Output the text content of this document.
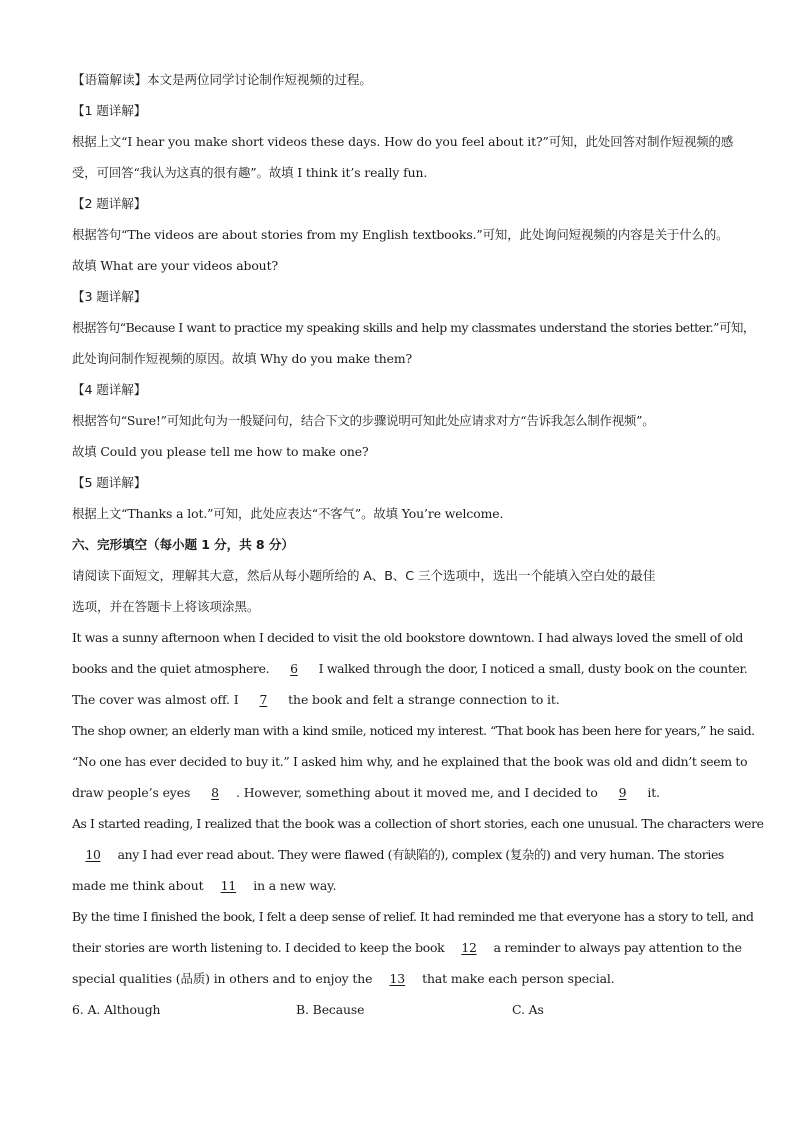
【语篇解读】本文是两位同学讨论制作短视频的过程。
【1 题详解】
根据上文“I hear you make short videos these days. How do you feel about it?”可知，此处回答对制作短视频的感
受，可回答“我认为这真的很有趣”。故填 I think it’s really fun.
【2 题详解】
根据答句“The videos are about stories from my English textbooks.”可知，此处询问短视频的内容是关于什么的。
故填 What are your videos about?
【3 题详解】
根据答句“Because I want to practice my speaking skills and help my classmates understand the stories better.”可知，
此处询问制作短视频的原因。故填 Why do you make them?
【4 题详解】
根据答句“Sure!”可知此句为一般疑问句，结合下文的步骤说明可知此处应请求对方“告诉我怎么制作视频”。
故填 Could you please tell me how to make one?
【5 题详解】
根据上文“Thanks a lot.”可知，此处应表达“不客气”。故填 You’re welcome.
六、完形填空（每小题 1 分，共 8 分）
请阅读下面短文，理解其大意，然后从每小题所给的 A、B、C 三个选项中，选出一个能填入空白处的最佳
选项，并在答题卡上将该项涂黑。
It was a sunny afternoon when I decided to visit the old bookstore downtown. I had always loved the smell of old
books and the quiet atmosphere. 6 I walked through the door, I noticed a small, dusty book on the counter.
The cover was almost off. I 7 the book and felt a strange connection to it.
The shop owner, an elderly man with a kind smile, noticed my interest. “That book has been here for years,” he said.
“No one has ever decided to buy it.” I asked him why, and he explained that the book was old and didn’t seem to
draw people’s eyes 8 . However, something about it moved me, and I decided to 9 it.
As I started reading, I realized that the book was a collection of short stories, each one unusual. The characters were
10 any I had ever read about. They were flawed (有缺陷的), complex (复杂的) and very human. The stories
made me think about 11 in a new way.
By the time I finished the book, I felt a deep sense of relief. It had reminded me that everyone has a story to tell, and
their stories are worth listening to. I decided to keep the book 12 a reminder to always pay attention to the
special qualities (品质) in others and to enjoy the 13 that make each person special.
6. A. Although	B. Because	C. As
